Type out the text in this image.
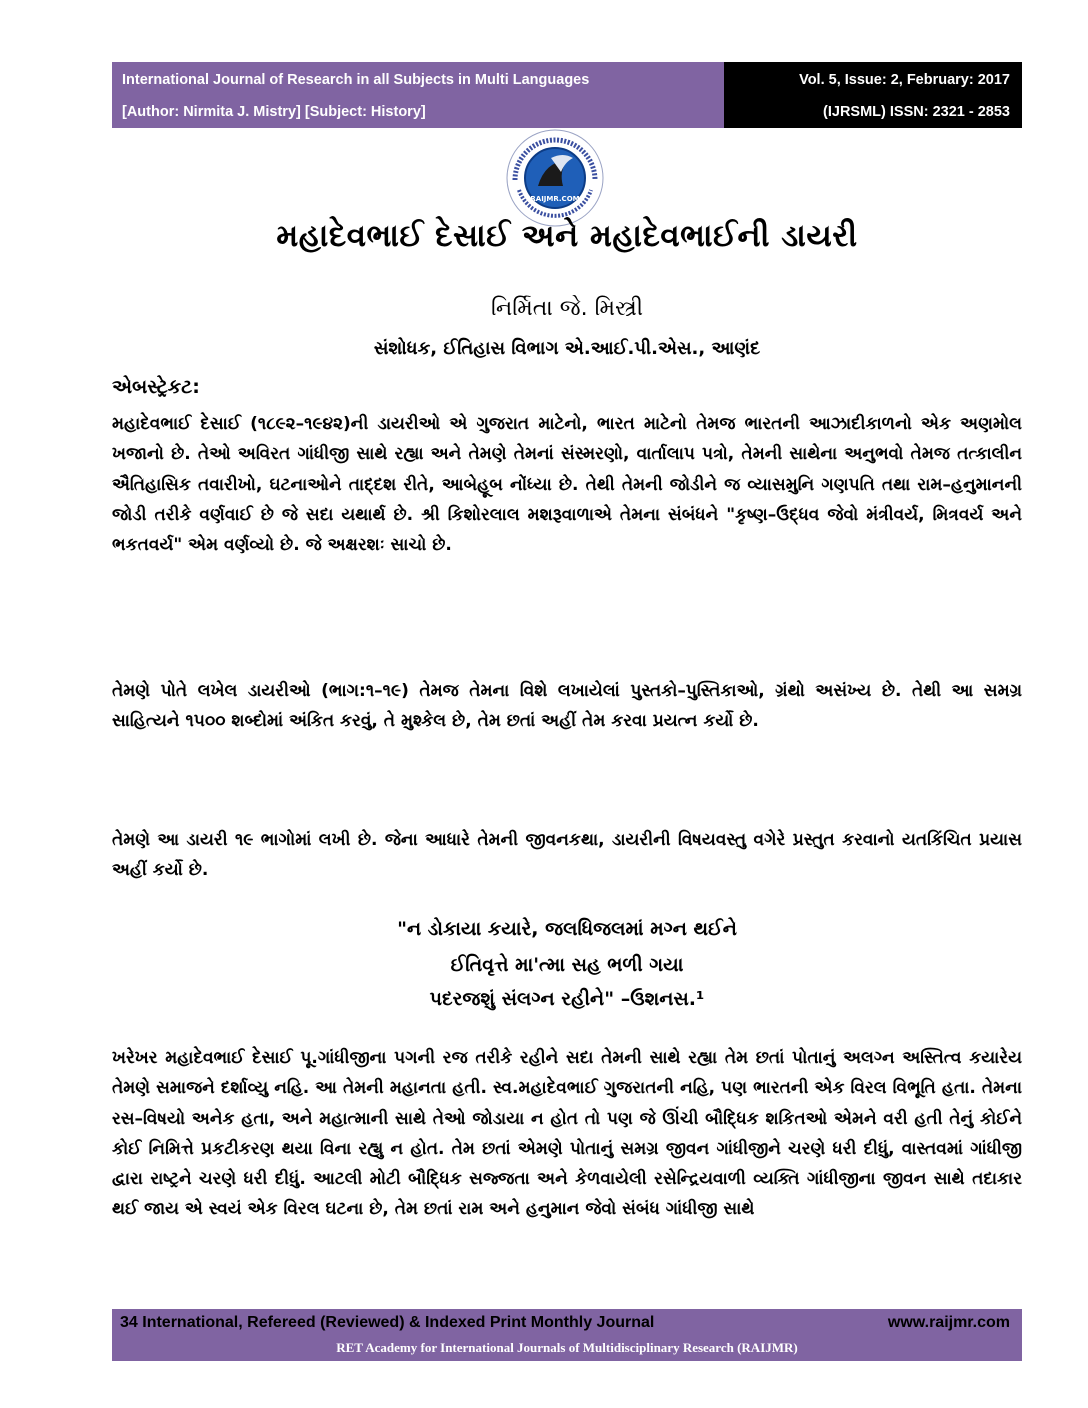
International Journal of Research in all Subjects in Multi Languages
[Author: Nirmita J. Mistry] [Subject: History]
Vol. 5, Issue: 2, February: 2017
(IJRSML) ISSN: 2321 - 2853
RAIJMR.COM
મહાદેવભાઈ દેસાઈ અને મહાદેવભાઈની ડાયરી
નિર્મિતા જે. મિસ્ત્રી
સંશોધક, ઈતિહાસ વિભાગ એ.આઈ.પી.એસ., આણંદ
એબસ્ટ્રેકટ:

મહાદેવભાઈ દેસાઈ (૧૮૯૨–૧૯૪૨)ની ડાયરીઓ એ ગુજરાત માટેનો, ભારત માટેનો તેમજ ભારતની આઝાદીકાળનો એક અણમોલ ખજાનો છે. તેઓ અવિરત ગાંધીજી સાથે રહ્યા અને તેમણે તેમનાં સંસ્મરણો, વાર્તાલાપ પત્રો, તેમની સાથેના અનુભવો તેમજ તત્કાલીન ઐતિહાસિક તવારીખો, ઘટનાઓને તાદ્દશ રીતે, આબેહૂબ નોંધ્યા છે. તેથી તેમની જોડીને જ વ્યાસમુનિ ગણપતિ તથા રામ–હનુમાનની જોડી તરીકે વર્ણવાઈ છે જે સદા યથાર્થ છે. શ્રી કિશોરલાલ મશરૂવાળાએ તેમના સંબંધને "કૃષ્ણ–ઉદ્ધવ જેવો મંત્રીવર્ય, મિત્રવર્ય અને ભકતવર્ય" એમ વર્ણવ્યો છે. જે અક્ષરશઃ સાચો છે.

તેમણે પોતે લખેલ ડાયરીઓ (ભાગ:૧–૧૯) તેમજ તેમના વિશે લખાયેલાં પુસ્તકો–પુસ્તિકાઓ, ગ્રંથો અસંખ્ય છે. તેથી આ સમગ્ર સાહિત્યને ૧૫૦૦ શબ્દોમાં અંકિત કરવું, તે મુશ્કેલ છે, તેમ છતાં અહીં તેમ કરવા પ્રયત્ન કર્યો છે.

તેમણે આ ડાયરી ૧૯ ભાગોમાં લખી છે. જેના આધારે તેમની જીવનકથા, ડાયરીની વિષયવસ્તુ વગેરે પ્રસ્તુત કરવાનો યતકિંચિત પ્રયાસ અહીં કર્યો છે.

"ન ડોકાયા કયારે, જલધિજલમાં મગ્ન થઈને
ઈતિવૃત્તે મા'ત્મા સહ ભળી ગયા
પદરજશું સંલગ્ન રહીને" –ઉશનસ.¹

ખરેખર મહાદેવભાઈ દેસાઈ પૂ.ગાંધીજીના પગની રજ તરીકે રહીને સદા તેમની સાથે રહ્યા તેમ છતાં પોતાનું અલગ્ન અસ્તિત્વ કયારેય તેમણે સમાજને દર્શાવ્યુ નહિ. આ તેમની મહાનતા હતી. સ્વ.મહાદેવભાઈ ગુજરાતની નહિ, પણ ભારતની એક વિરલ વિભૂતિ હતા. તેમના રસ–વિષયો અનેક હતા, અને મહાત્માની સાથે તેઓ જોડાયા ન હોત તો પણ જે ઊંચી બૌદ્ધિક શકિતઓ એમને વરી હતી તેનું કોઈને કોઈ નિમિત્તે પ્રકટીકરણ થયા વિના રહ્યુ ન હોત. તેમ છતાં એમણે પોતાનું સમગ્ર જીવન ગાંધીજીને ચરણે ધરી દીધું, વાસ્તવમાં ગાંધીજી દ્વારા રાષ્ટ્રને ચરણે ધરી દીધું. આટલી મોટી બૌદ્ધિક સજ્જતા અને કેળવાયેલી રસેન્દ્રિયવાળી વ્યક્તિ ગાંધીજીના જીવન સાથે તદાકાર થઈ જાય એ સ્વયં એક વિરલ ઘટના છે, તેમ છતાં રામ અને હનુમાન જેવો સંબંધ ગાંધીજી સાથે

34 International, Refereed (Reviewed) & Indexed Print Monthly Journal	www.raijmr.com
RET Academy for International Journals of Multidisciplinary Research (RAIJMR)
